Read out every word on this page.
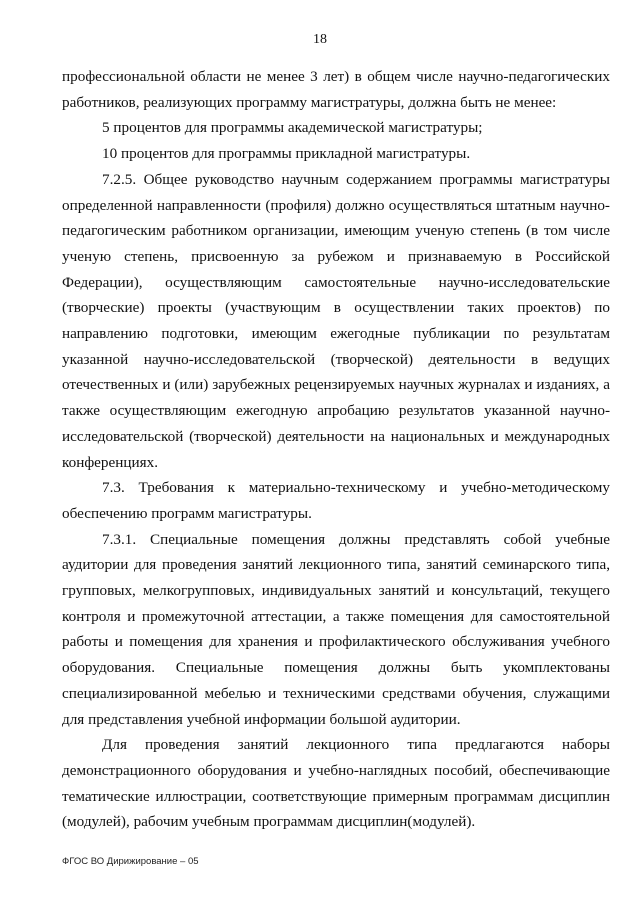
18

профессиональной области не менее 3 лет) в общем числе научно-педагогических работников, реализующих программу магистратуры, должна быть не менее:

5 процентов для программы академической магистратуры;

10 процентов для программы прикладной магистратуры.

7.2.5. Общее руководство научным содержанием программы магистратуры определенной направленности (профиля) должно осуществляться штатным научно-педагогическим работником организации, имеющим ученую степень (в том числе ученую степень, присвоенную за рубежом и признаваемую в Российской Федерации), осуществляющим самостоятельные научно-исследовательские (творческие) проекты (участвующим в осуществлении таких проектов) по направлению подготовки, имеющим ежегодные публикации по результатам указанной научно-исследовательской (творческой) деятельности в ведущих отечественных и (или) зарубежных рецензируемых научных журналах и изданиях, а также осуществляющим ежегодную апробацию результатов указанной научно-исследовательской (творческой) деятельности на национальных и международных конференциях.

7.3. Требования к материально-техническому и учебно-методическому обеспечению программ магистратуры.

7.3.1. Специальные помещения должны представлять собой учебные аудитории для проведения занятий лекционного типа, занятий семинарского типа, групповых, мелкогрупповых, индивидуальных занятий и консультаций, текущего контроля и промежуточной аттестации, а также помещения для самостоятельной работы и помещения для хранения и профилактического обслуживания учебного оборудования. Специальные помещения должны быть укомплектованы специализированной мебелью и техническими средствами обучения, служащими для представления учебной информации большой аудитории.

Для проведения занятий лекционного типа предлагаются наборы демонстрационного оборудования и учебно-наглядных пособий, обеспечивающие тематические иллюстрации, соответствующие примерным программам дисциплин (модулей), рабочим учебным программам дисциплин(модулей).

ФГОС ВО Дирижирование – 05
